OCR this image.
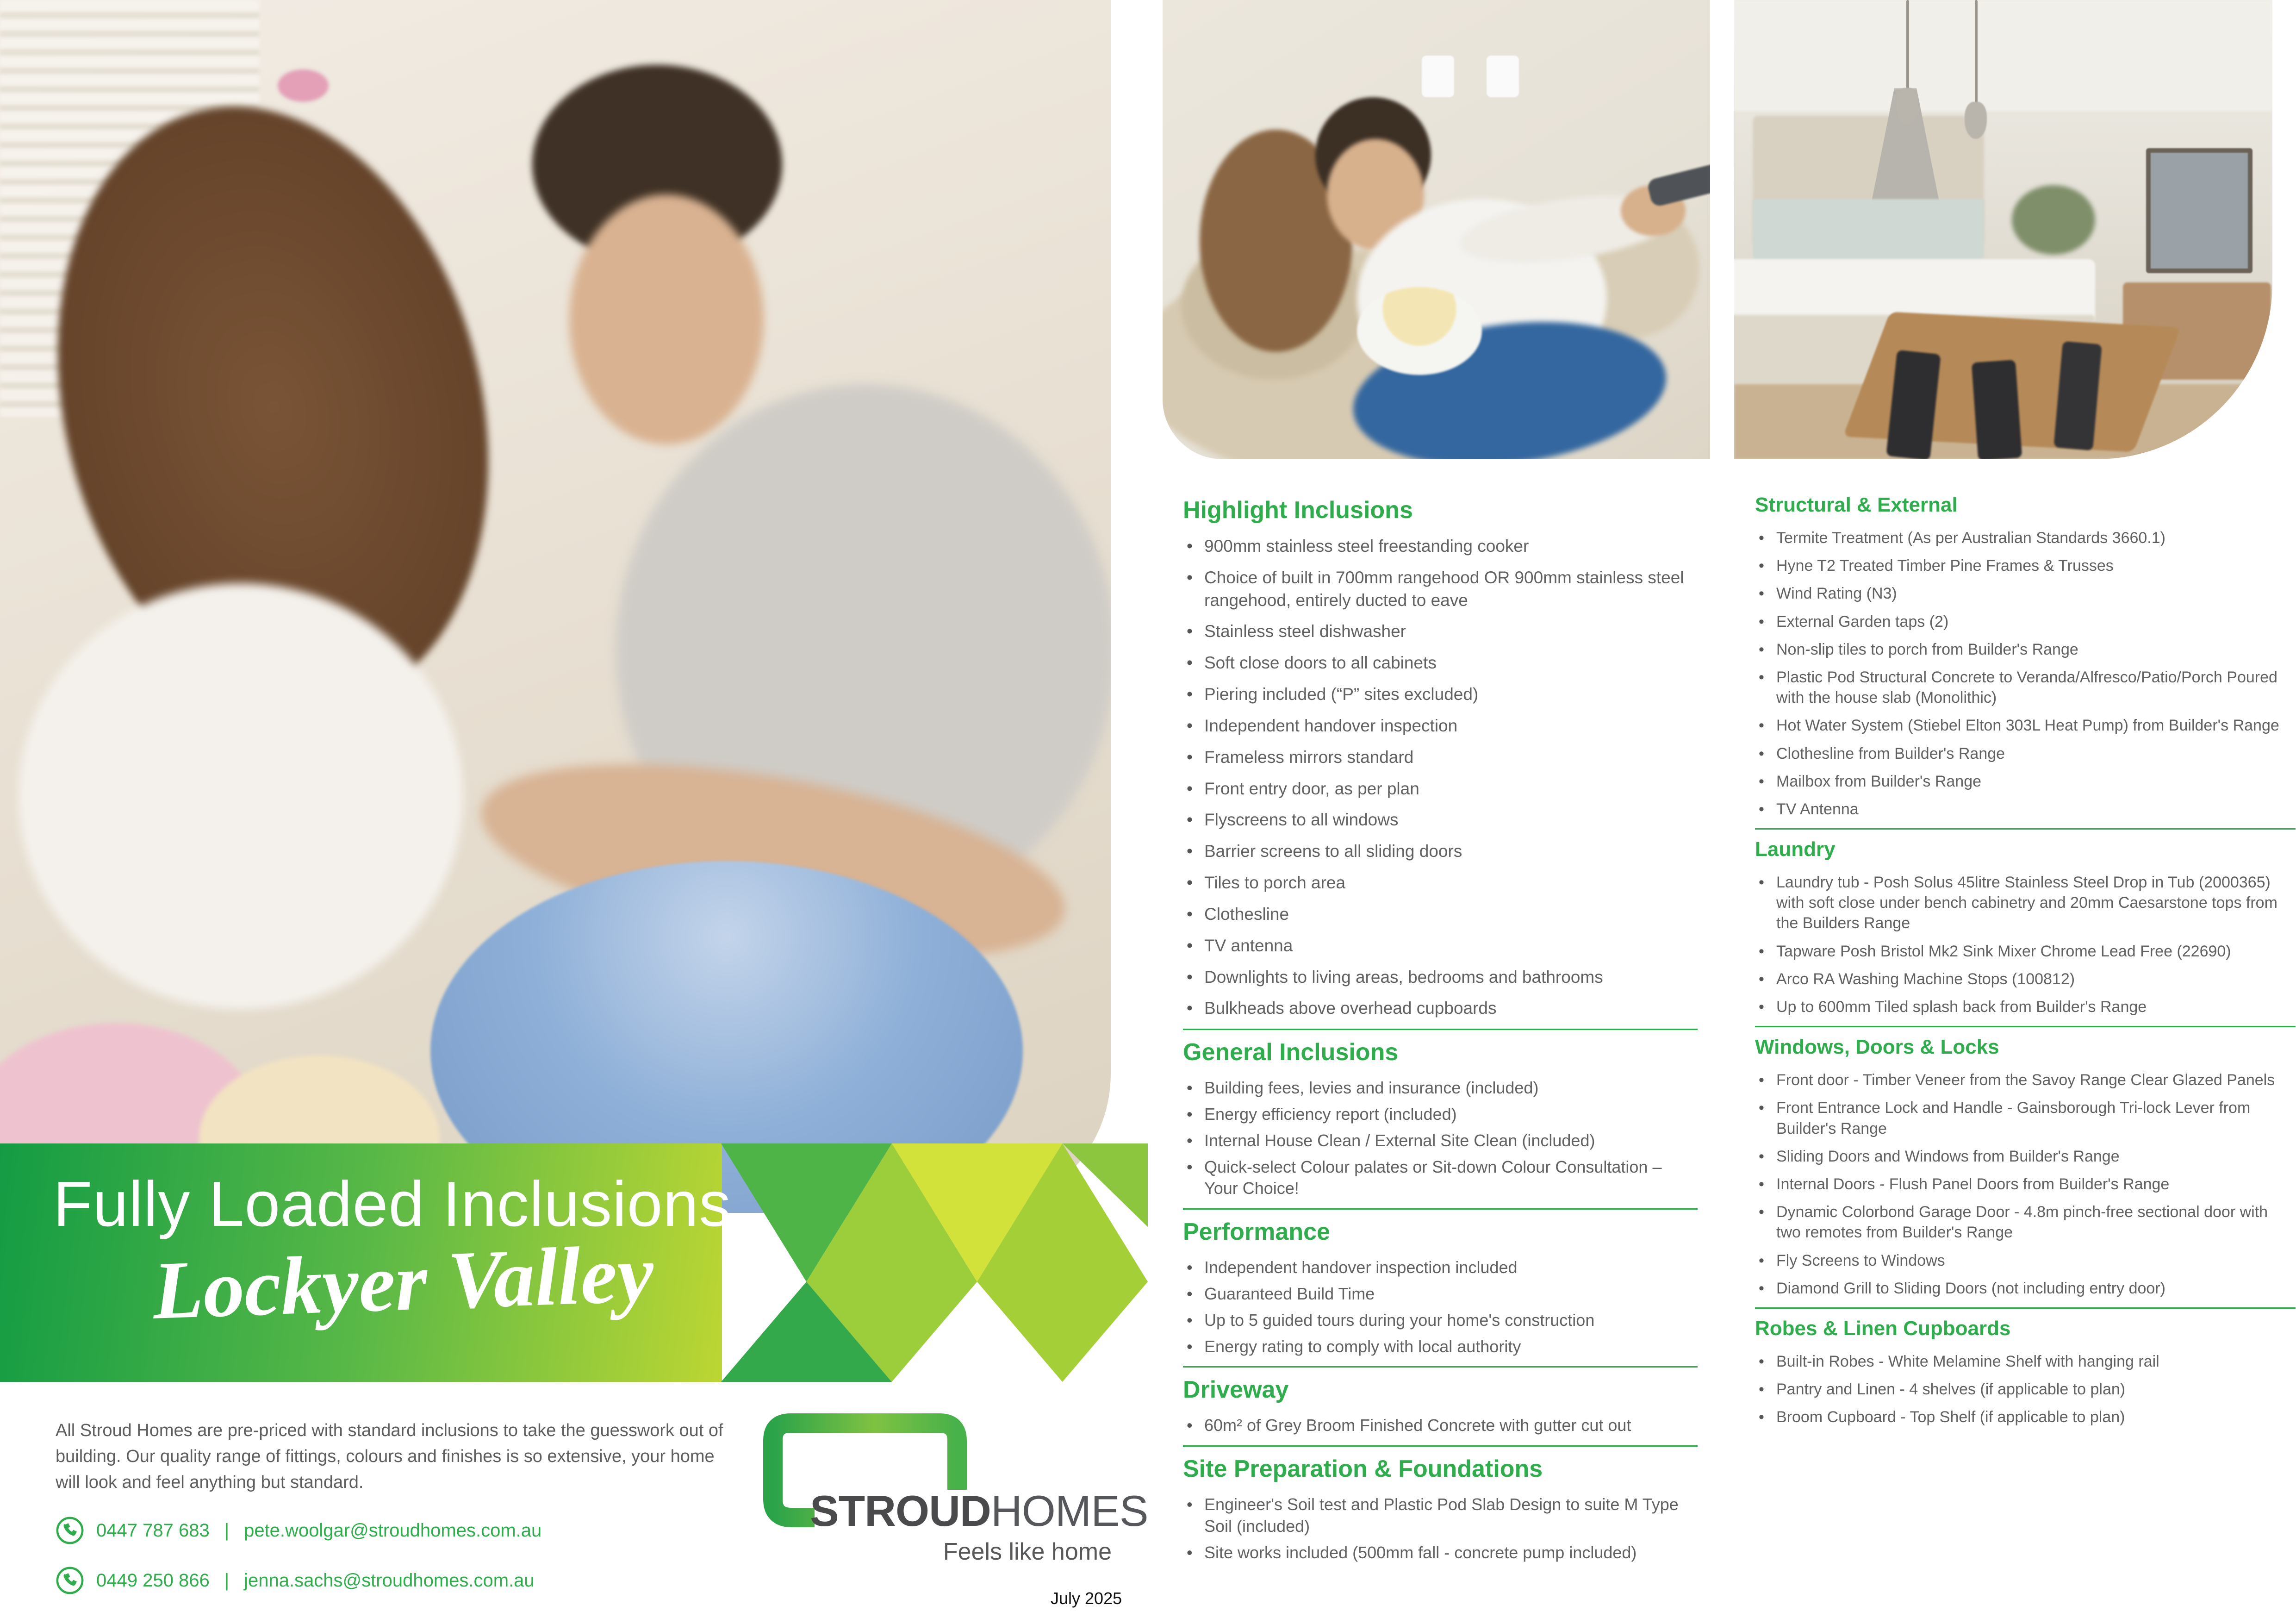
Fully Loaded Inclusions
Lockyer Valley
All Stroud Homes are pre-priced with standard inclusions to take the guesswork out of building. Our quality range of fittings, colours and finishes is so extensive, your home will look and feel anything but standard.
0447 787 683 | pete.woolgar@stroudhomes.com.au
0449 250 866 | jenna.sachs@stroudhomes.com.au
STROUDHOMES
Feels like home
July 2025
Highlight Inclusions
• 900mm stainless steel freestanding cooker
• Choice of built in 700mm rangehood OR 900mm stainless steel rangehood, entirely ducted to eave
• Stainless steel dishwasher
• Soft close doors to all cabinets
• Piering included (“P” sites excluded)
• Independent handover inspection
• Frameless mirrors standard
• Front entry door, as per plan
• Flyscreens to all windows
• Barrier screens to all sliding doors
• Tiles to porch area
• Clothesline
• TV antenna
• Downlights to living areas, bedrooms and bathrooms
• Bulkheads above overhead cupboards
General Inclusions
• Building fees, levies and insurance (included)
• Energy efficiency report (included)
• Internal House Clean / External Site Clean (included)
• Quick-select Colour palates or Sit-down Colour Consultation – Your Choice!
Performance
• Independent handover inspection included
• Guaranteed Build Time
• Up to 5 guided tours during your home's construction
• Energy rating to comply with local authority
Driveway
• 60m² of Grey Broom Finished Concrete with gutter cut out
Site Preparation & Foundations
• Engineer's Soil test and Plastic Pod Slab Design to suite M Type Soil (included)
• Site works included (500mm fall - concrete pump included)
Structural & External
• Termite Treatment (As per Australian Standards 3660.1)
• Hyne T2 Treated Timber Pine Frames & Trusses
• Wind Rating (N3)
• External Garden taps (2)
• Non-slip tiles to porch from Builder's Range
• Plastic Pod Structural Concrete to Veranda/Alfresco/Patio/Porch Poured with the house slab (Monolithic)
• Hot Water System (Stiebel Elton 303L Heat Pump) from Builder's Range
• Clothesline from Builder's Range
• Mailbox from Builder's Range
• TV Antenna
Laundry
• Laundry tub - Posh Solus 45litre Stainless Steel Drop in Tub (2000365) with soft close under bench cabinetry and 20mm Caesarstone tops from the Builders Range
• Tapware Posh Bristol Mk2 Sink Mixer Chrome Lead Free (22690)
• Arco RA Washing Machine Stops (100812)
• Up to 600mm Tiled splash back from Builder's Range
Windows, Doors & Locks
• Front door - Timber Veneer from the Savoy Range Clear Glazed Panels
• Front Entrance Lock and Handle - Gainsborough Tri-lock Lever from Builder's Range
• Sliding Doors and Windows from Builder's Range
• Internal Doors - Flush Panel Doors from Builder's Range
• Dynamic Colorbond Garage Door - 4.8m pinch-free sectional door with two remotes from Builder's Range
• Fly Screens to Windows
• Diamond Grill to Sliding Doors (not including entry door)
Robes & Linen Cupboards
• Built-in Robes - White Melamine Shelf with hanging rail
• Pantry and Linen - 4 shelves (if applicable to plan)
• Broom Cupboard - Top Shelf (if applicable to plan)
